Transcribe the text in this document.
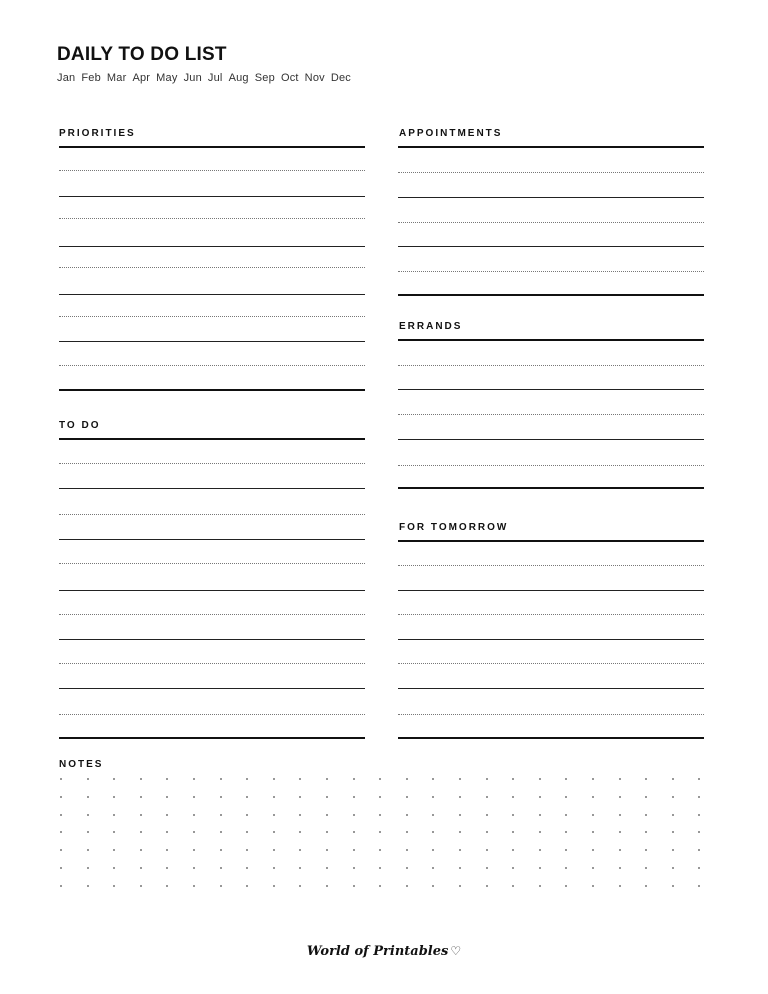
DAILY TO DO LIST
Jan Feb Mar Apr May Jun Jul Aug Sep Oct Nov Dec
PRIORITIES	APPOINTMENTS
ERRANDS
TO DO
FOR TOMORROW
NOTES
World of Printables ♡
